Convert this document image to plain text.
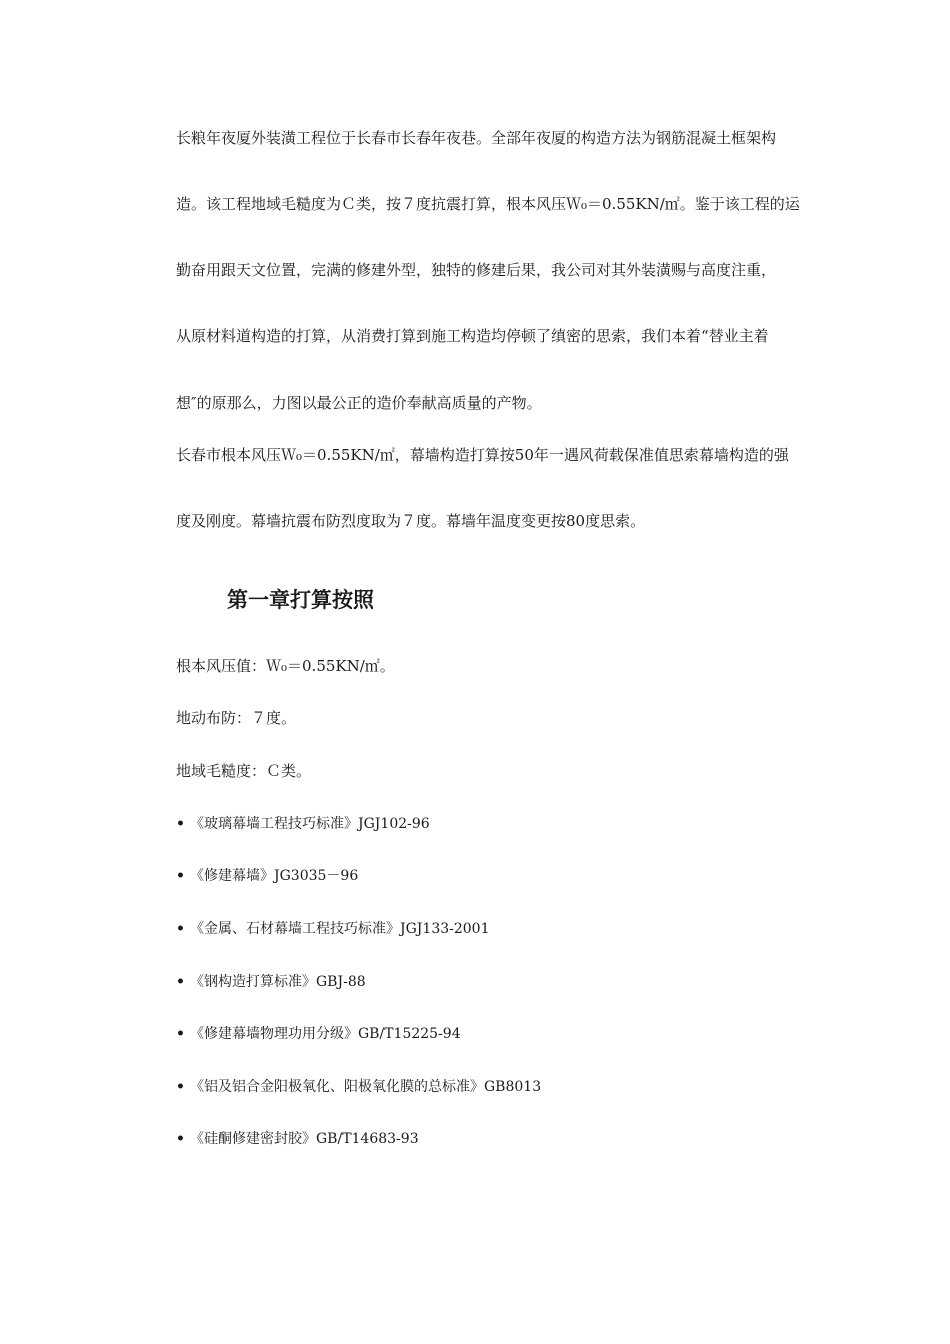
长粮年夜厦外装潢工程位于长春市长春年夜巷。全部年夜厦的构造方法为钢筋混凝土框架构
造。该工程地域毛糙度为Ｃ类，按７度抗震打算，根本风压Ｗ₀＝0.55KN/㎡。鉴于该工程的运
勤奋用跟天文位置，完满的修建外型，独特的修建后果，我公司对其外装潢赐与高度注重，
从原材料道构造的打算，从消费打算到施工构造均停顿了缜密的思索，我们本着“替业主着
想″的原那么，力图以最公正的造价奉献高质量的产物。
长春市根本风压Ｗ₀＝0.55KN/㎡，幕墙构造打算按50年一遇风荷载保准值思索幕墙构造的强
度及刚度。幕墙抗震布防烈度取为７度。幕墙年温度变更按80度思索。
第一章打算按照
根本风压值：Ｗ₀＝0.55KN/㎡。
地动布防：７度。
地域毛糙度：Ｃ类。
• 《玻璃幕墙工程技巧标准》JGJ102-96
• 《修建幕墙》JG3035－96
• 《金属、石材幕墙工程技巧标准》JGJ133-2001
• 《钢构造打算标准》GBJ-88
• 《修建幕墙物理功用分级》GB/T15225-94
• 《铝及铝合金阳极氧化、阳极氧化膜的总标准》GB8013
• 《硅酮修建密封胶》GB/T14683-93
